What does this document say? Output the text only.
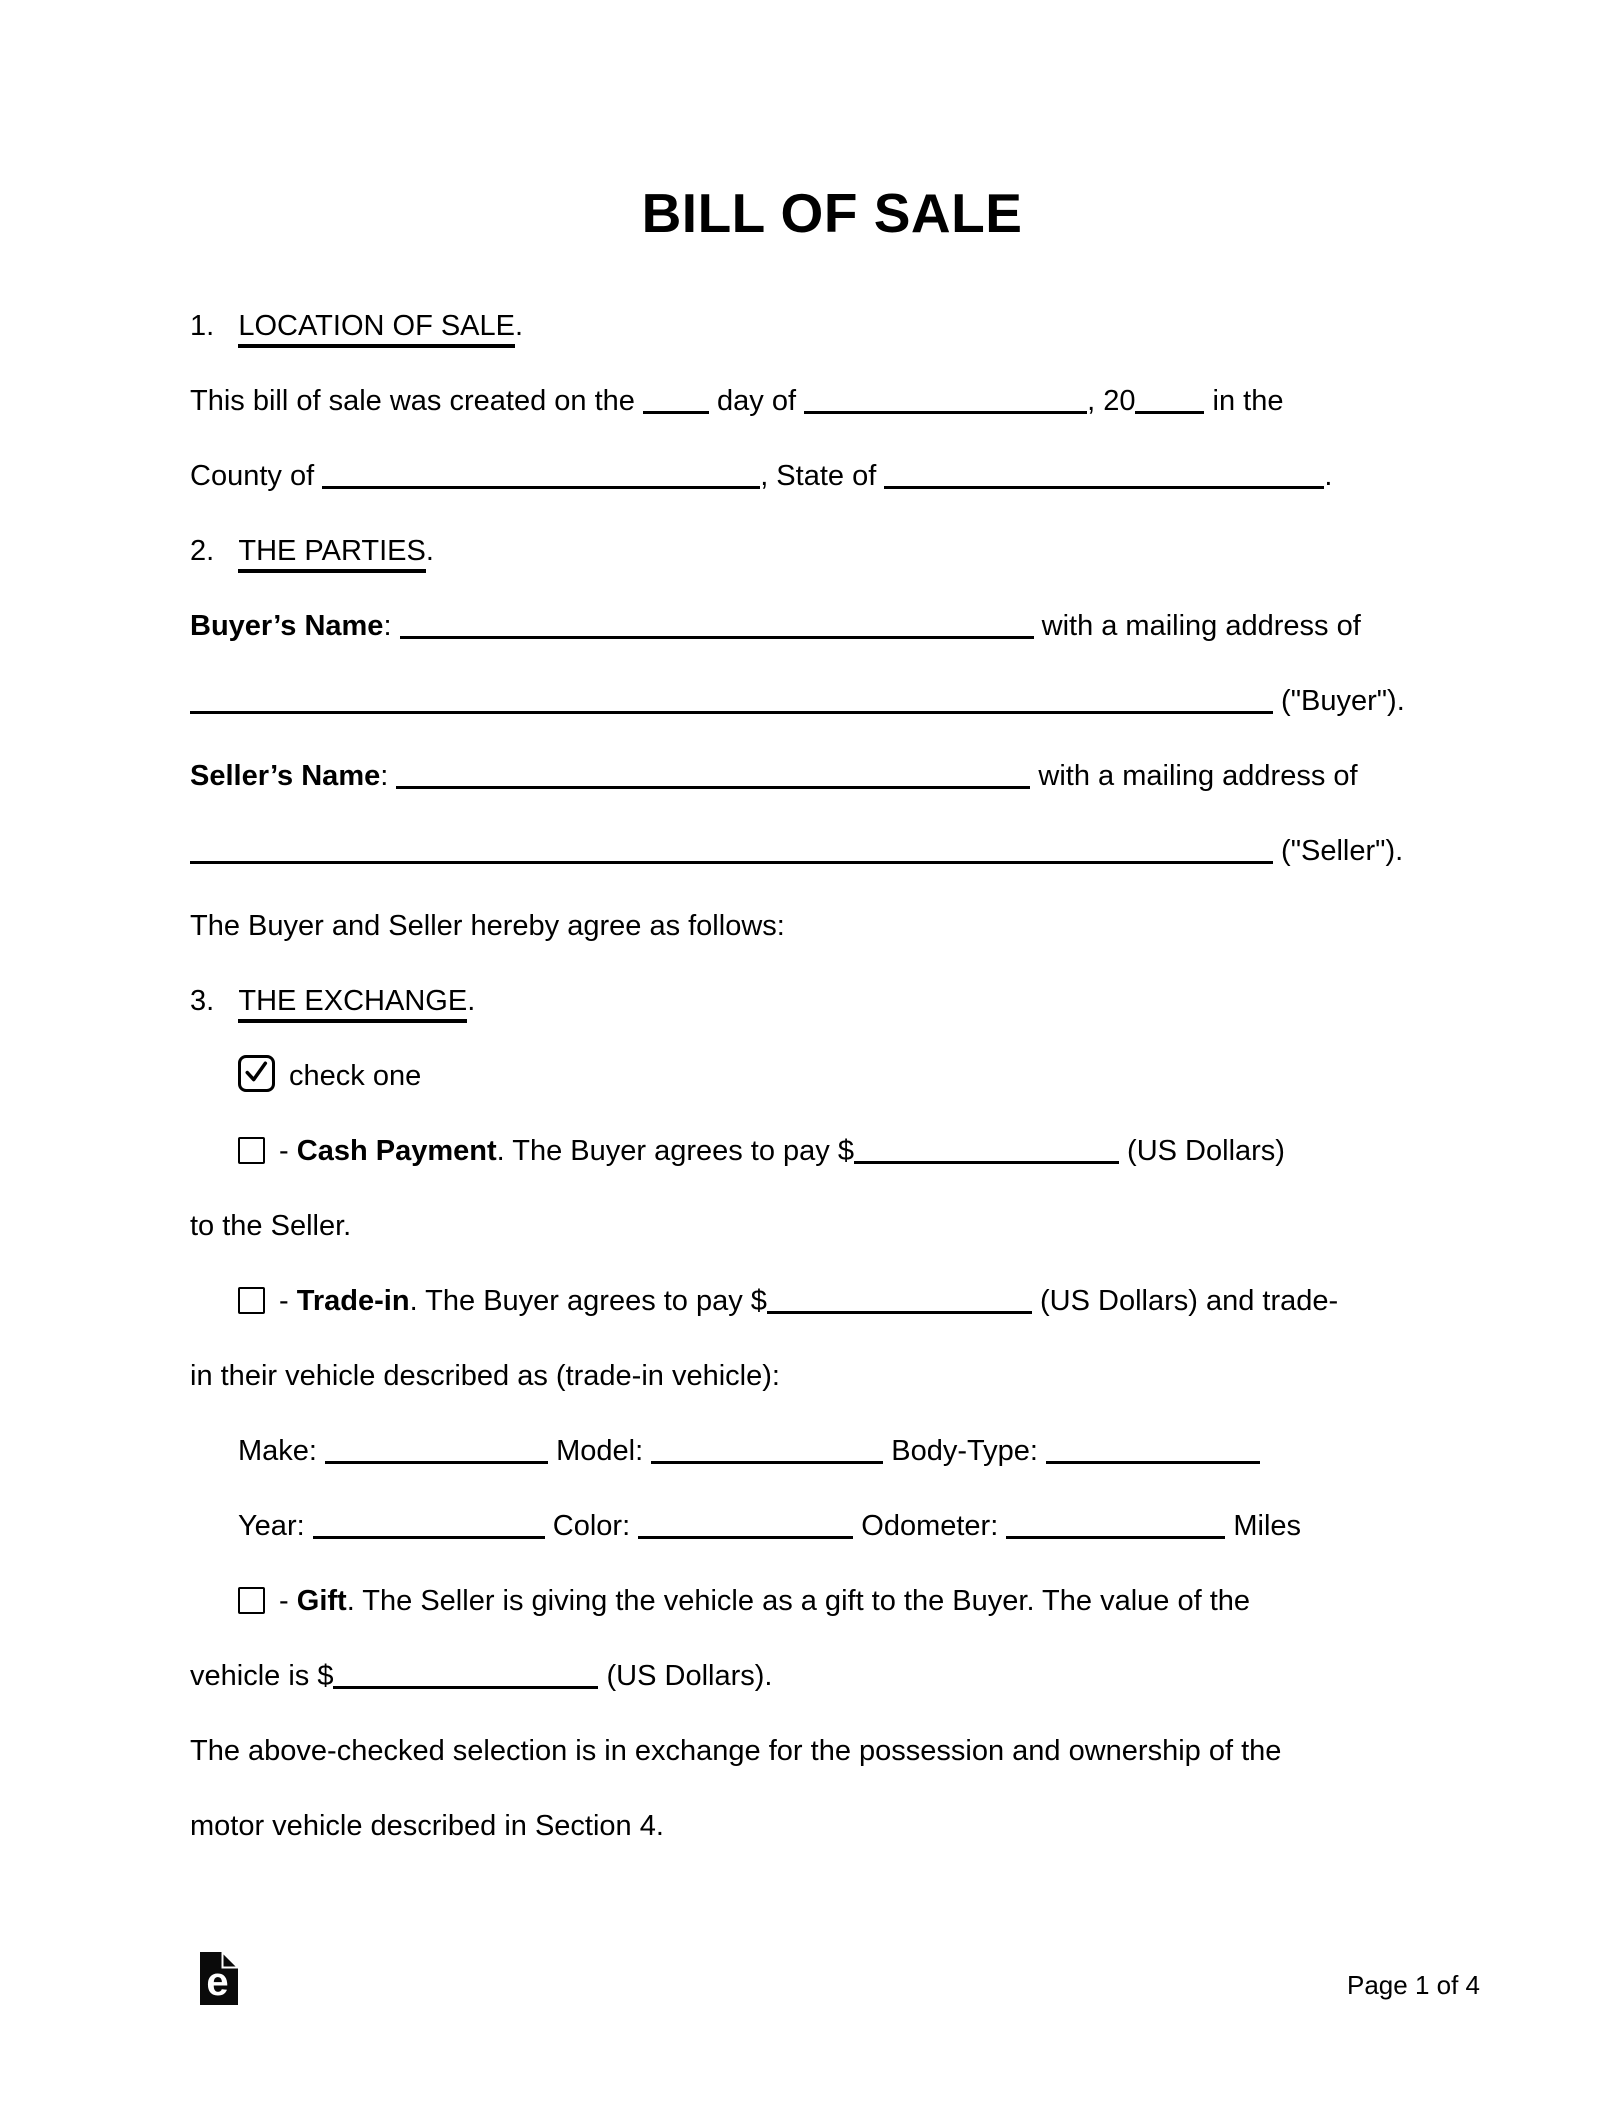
BILL OF SALE
1.   LOCATION OF SALE.
This bill of sale was created on the  day of	, 20 in the
County of	, State of	.
2.   THE PARTIES.
Buyer’s Name:	with a mailing address of
("Buyer").
Seller’s Name:	with a mailing address of
("Seller").
The Buyer and Seller hereby agree as follows:
3.   THE EXCHANGE.
check one
- Cash Payment. The Buyer agrees to pay $	(US Dollars)
to the Seller.
- Trade-in. The Buyer agrees to pay $	(US Dollars) and trade-
in their vehicle described as (trade-in vehicle):
Make:	Model:	Body-Type:
Year:	Color:	Odometer:	Miles
- Gift. The Seller is giving the vehicle as a gift to the Buyer. The value of the
vehicle is $	(US Dollars).
The above-checked selection is in exchange for the possession and ownership of the
motor vehicle described in Section 4.
e	Page 1 of 4
